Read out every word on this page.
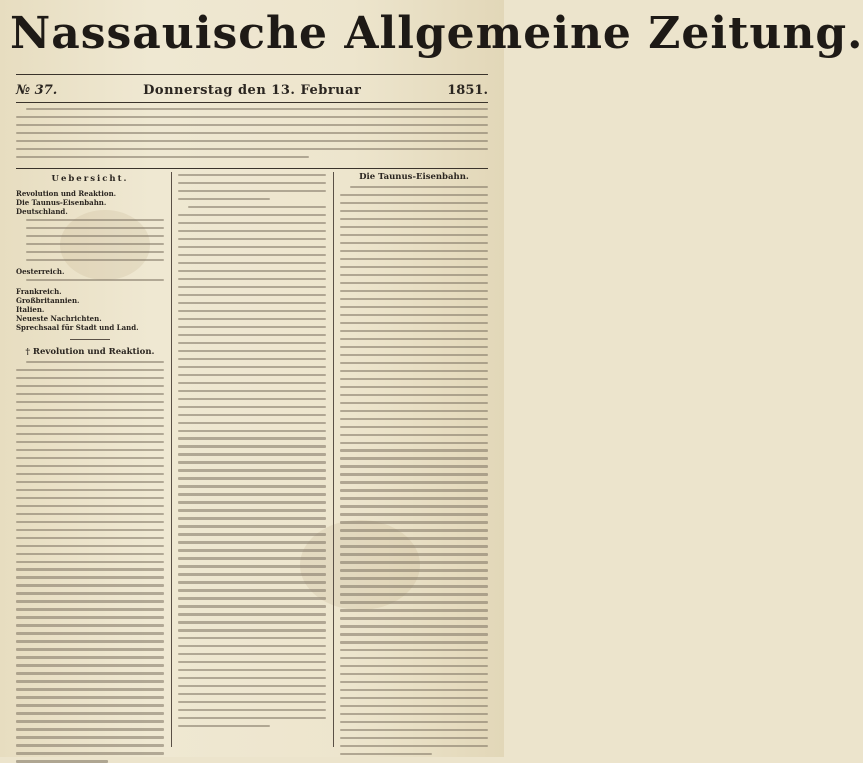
Nassauische Allgemeine Zeitung.
№ 37.	Donnerstag den 13. Februar	1851.
Uebersicht.
Revolution und Reaktion.
Die Taunus-Eisenbahn.
Deutschland.
Oesterreich.
Frankreich.
Großbritannien.
Italien.
Neueste Nachrichten.
Sprechsaal für Stadt und Land.
† Revolution und Reaktion.
Die Taunus-Eisenbahn.
